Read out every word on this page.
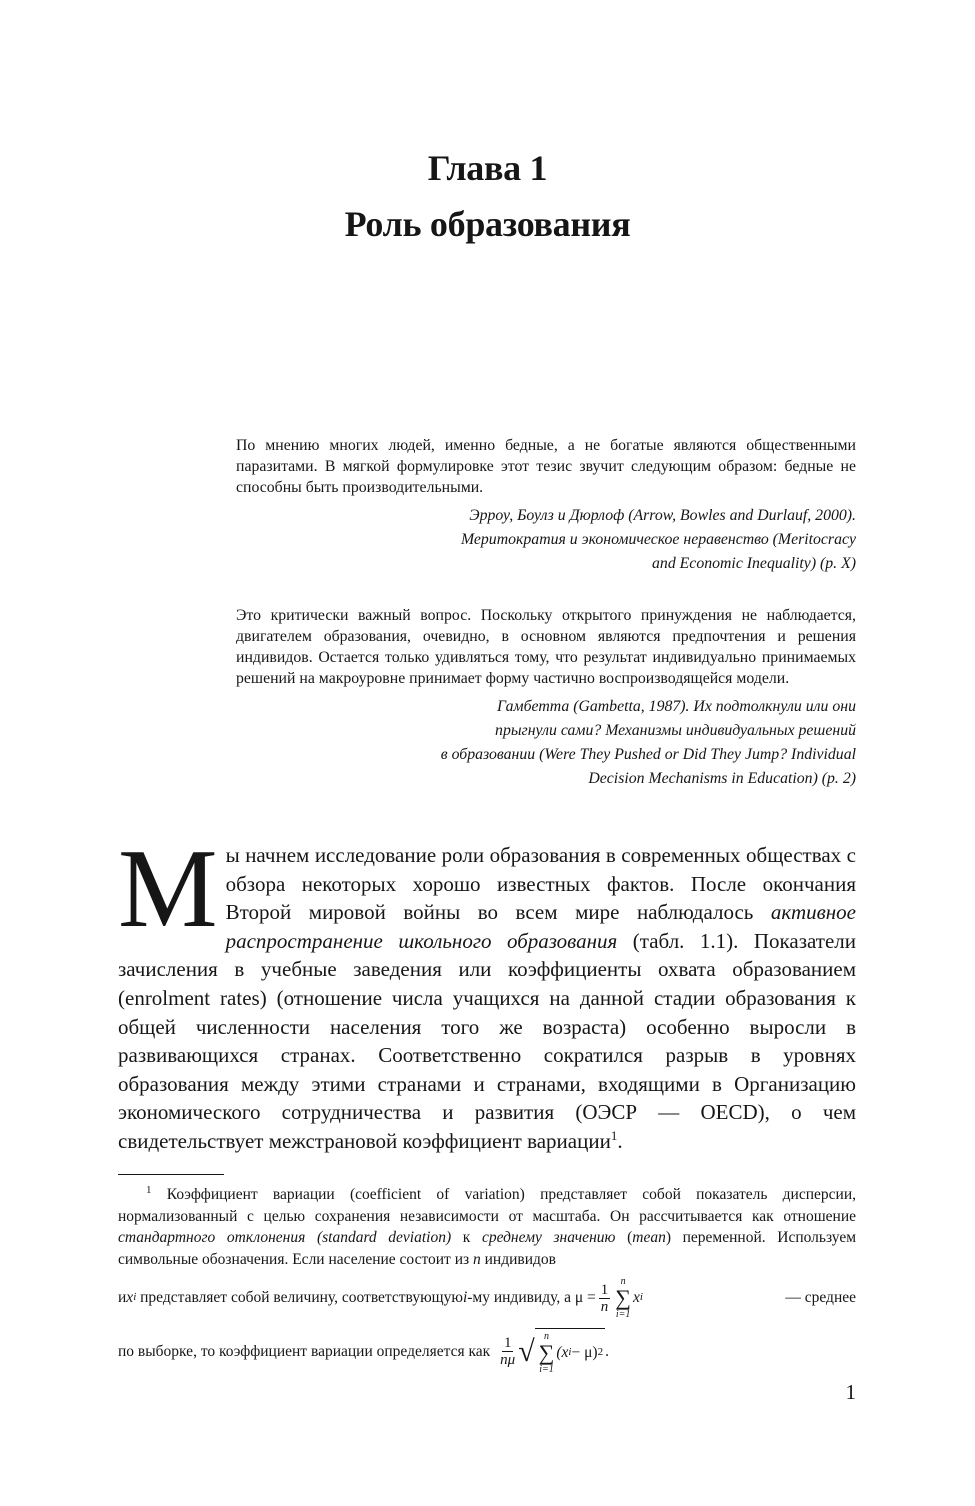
Глава 1
Роль образования

По мнению многих людей, именно бедные, а не богатые являются общественными паразитами. В мягкой формулировке этот тезис звучит следующим образом: бедные не способны быть производительными.

Эрроу, Боулз и Дюрлоф (Arrow, Bowles and Durlauf, 2000).
Меритократия и экономическое неравенство (Meritocracy
and Economic Inequality) (p. X)

Это критически важный вопрос. Поскольку открытого принуждения не наблюдается, двигателем образования, очевидно, в основном являются предпочтения и решения индивидов. Остается только удивляться тому, что результат индивидуально принимаемых решений на макроуровне принимает форму частично воспроизводящейся модели.

Гамбетта (Gambetta, 1987). Их подтолкнули или они
прыгнули сами? Механизмы индивидуальных решений
в образовании (Were They Pushed or Did They Jump? Individual
Decision Mechanisms in Education) (p. 2)
Мы начнем исследование роли образования в современных обществах с обзора некоторых хорошо известных фактов. После окончания Второй мировой войны во всем мире наблюдалось активное распространение школьного образования (табл. 1.1). Показатели зачисления в учебные заведения или коэффициенты охвата образованием (enrolment rates) (отношение числа учащихся на данной стадии образования к общей численности населения того же возраста) особенно выросли в развивающихся странах. Соответственно сократился разрыв в уровнях образования между этими странами и странами, входящими в Организацию экономического сотрудничества и развития (ОЭСР — OECD), о чем свидетельствует межстрановой коэффициент вариации$^1$.

$^1$ Коэффициент вариации (coefficient of variation) представляет собой показатель дисперсии, нормализованный с целью сохранения независимости от масштаба. Он рассчитывается как отношение стандартного отклонения (standard deviation) к среднему значению (mean) переменной. Используем символьные обозначения. Если население состоит из n индивидов

и x i
представляет собой величину, соответствующую i -му индивиду, а $\mu = \frac{1}{n}$ n
∑
i=1
x i	— среднее
по выборке, то коэффициент вариации определяется как $\frac{1}{n\mu}$ √ n
∑
i=1
(x i − μ) 2 .
1
